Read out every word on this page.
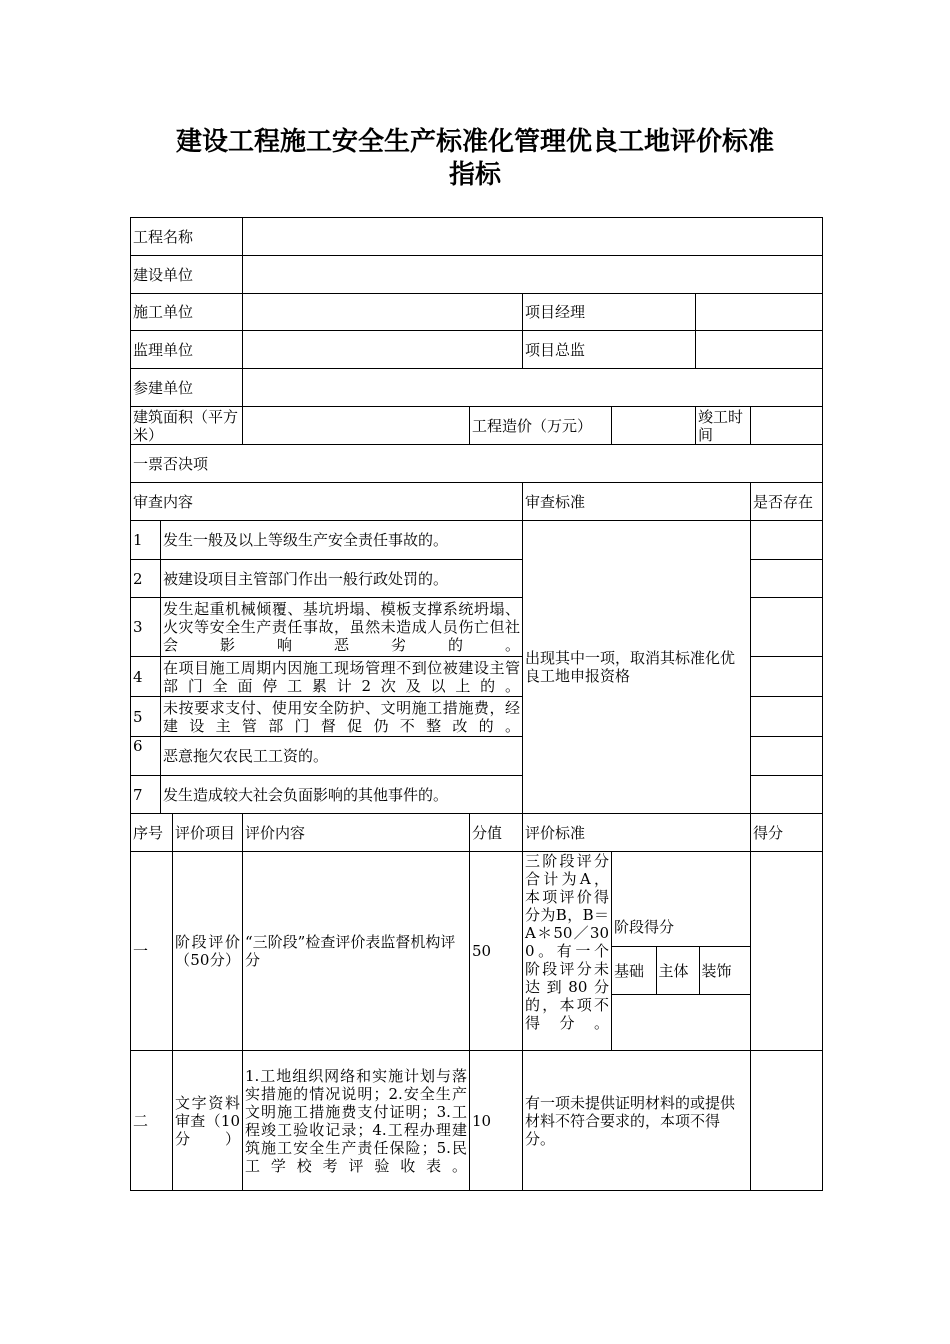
建设工程施工安全生产标准化管理优良工地评价标准
指标
工程名称	
建设单位	
施工单位		项目经理	
监理单位		项目总监	
参建单位	
建筑面积（平方米）		工程造价（万元）		竣工时间	
一票否决项
审查内容	审查标准	是否存在
1	发生一般及以上等级生产安全责任事故的。	出现其中一项，取消其标准化优良工地申报资格	
2	被建设项目主管部门作出一般行政处罚的。	
3	发生起重机械倾覆、基坑坍塌、模板支撑系统坍塌、火灾等安全生产责任事故，虽然未造成人员伤亡但社会影响恶劣的。	
4	在项目施工周期内因施工现场管理不到位被建设主管部门全面停工累计2次及以上的。	
5	未按要求支付、使用安全防护、文明施工措施费，经建设主管部门督促仍不整改的。	
6	恶意拖欠农民工工资的。	
7	发生造成较大社会负面影响的其他事件的。	
序号	评价项目	评价内容	分值	评价标准	得分
一	阶段评价（50分）	“三阶段”检查评价表监督机构评分	50	三阶段评分合计为A，本项评价得分为B，B＝A＊50／300。有一个阶段评分未达到80分的，本项不得分。	
阶段得分
基础	主体	装饰

二	文字资料审查（10分）	1.工地组织网络和实施计划与落实措施的情况说明；2.安全生产文明施工措施费支付证明；3.工程竣工验收记录；4.工程办理建筑施工安全生产责任保险；5.民工学校考评验收表。	10	有一项未提供证明材料的或提供材料不符合要求的，本项不得分。	
